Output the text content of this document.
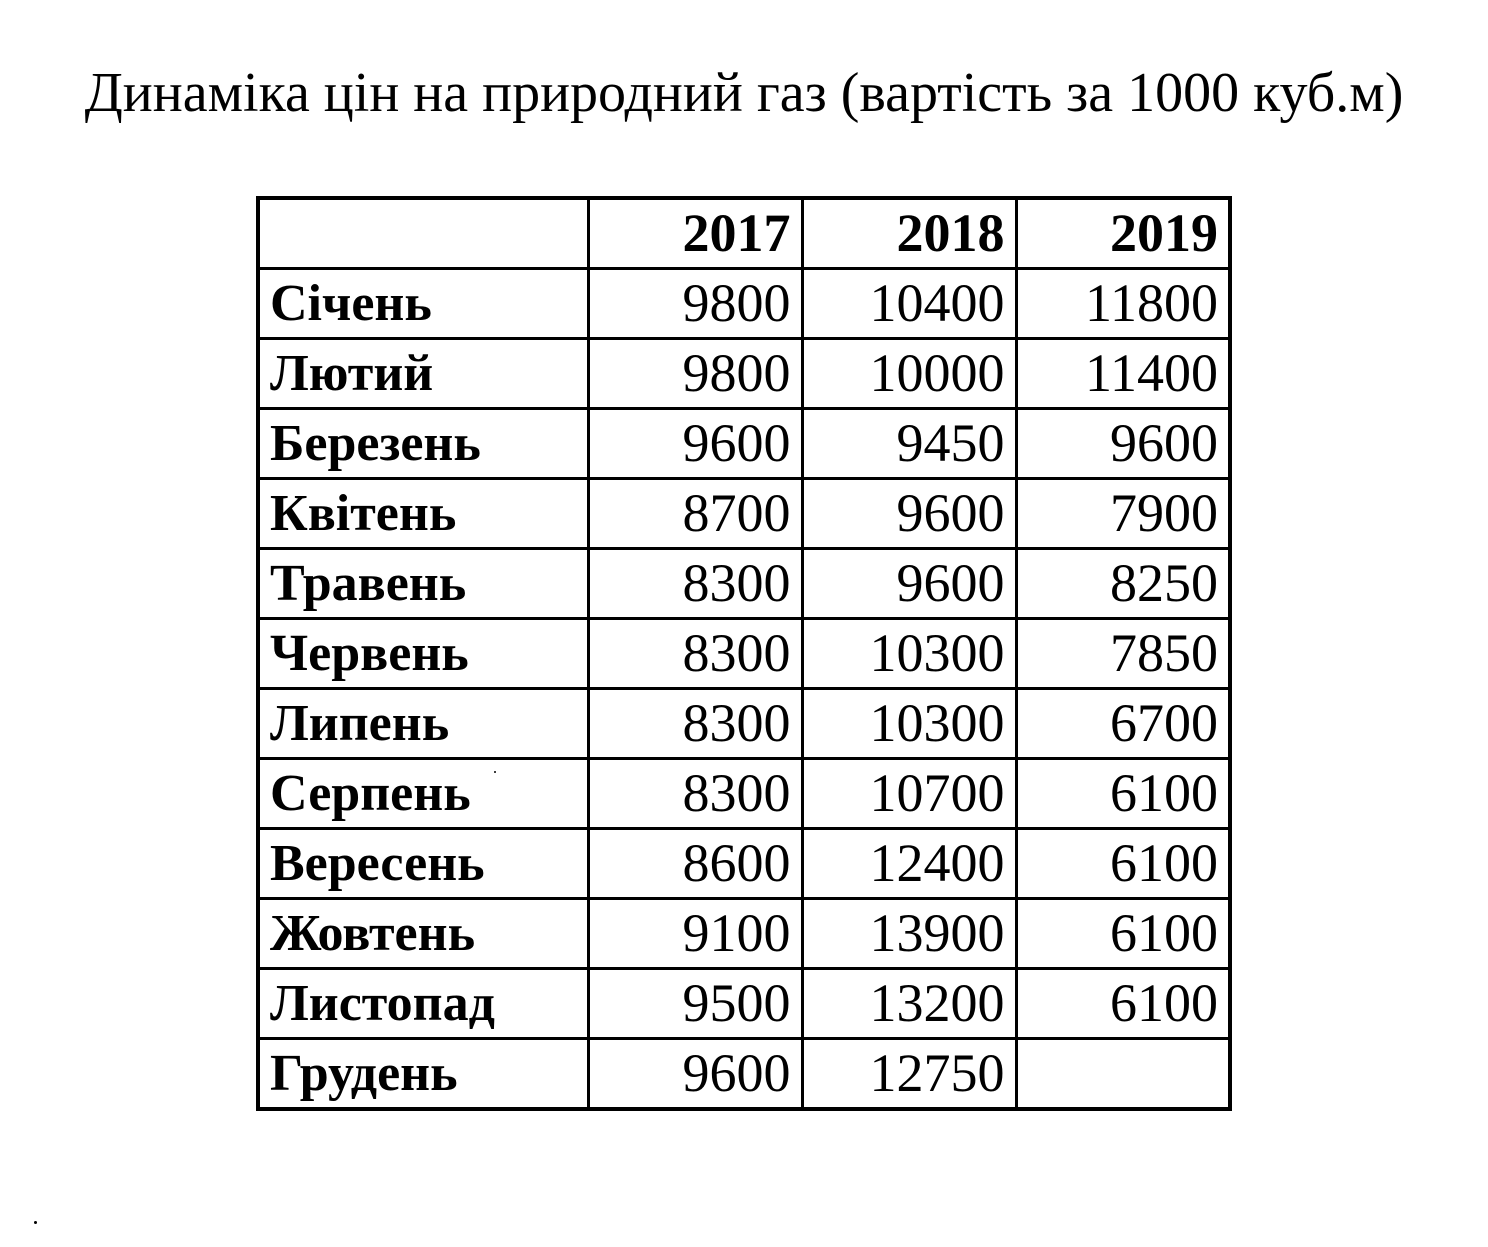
Динаміка цін на природний газ (вартість за 1000 куб.м)
	2017	2018	2019
Січень	9800	10400	11800
Лютий	9800	10000	11400
Березень	9600	9450	9600
Квітень	8700	9600	7900
Травень	8300	9600	8250
Червень	8300	10300	7850
Липень	8300	10300	6700
Серпень	8300	10700	6100
Вересень	8600	12400	6100
Жовтень	9100	13900	6100
Листопад	9500	13200	6100
Грудень	9600	12750	
